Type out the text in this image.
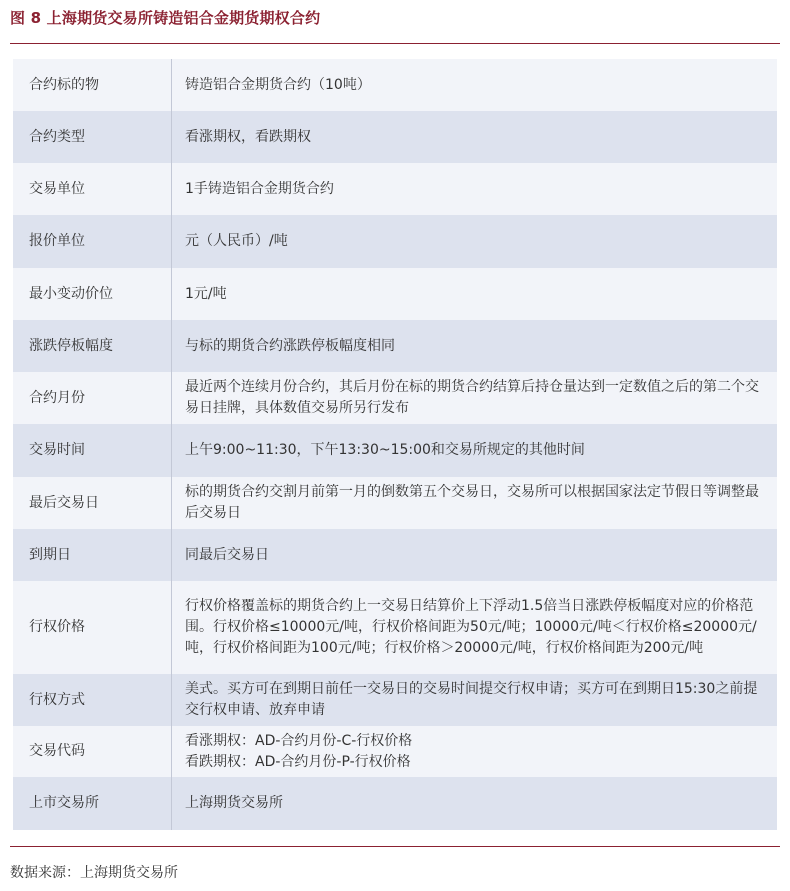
图 8 上海期货交易所铸造铝合金期货期权合约
合约标的物	铸造铝合金期货合约（10吨）
合约类型	看涨期权，看跌期权
交易单位	1手铸造铝合金期货合约
报价单位	元（人民币）/吨
最小变动价位	1元/吨
涨跌停板幅度	与标的期货合约涨跌停板幅度相同
合约月份	最近两个连续月份合约，其后月份在标的期货合约结算后持仓量达到一定数值之后的第二个交易日挂牌，具体数值交易所另行发布
交易时间	上午9:00~11:30，下午13:30~15:00和交易所规定的其他时间
最后交易日	标的期货合约交割月前第一月的倒数第五个交易日，交易所可以根据国家法定节假日等调整最后交易日
到期日	同最后交易日
行权价格	行权价格覆盖标的期货合约上一交易日结算价上下浮动1.5倍当日涨跌停板幅度对应的价格范围。行权价格≤10000元/吨，行权价格间距为50元/吨；10000元/吨＜行权价格≤20000元/吨，行权价格间距为100元/吨；行权价格＞20000元/吨，行权价格间距为200元/吨
行权方式	美式。买方可在到期日前任一交易日的交易时间提交行权申请；买方可在到期日15:30之前提交行权申请、放弃申请
交易代码	看涨期权：AD-合约月份-C-行权价格
看跌期权：AD-合约月份-P-行权价格

上市交易所	上海期货交易所
数据来源：上海期货交易所
